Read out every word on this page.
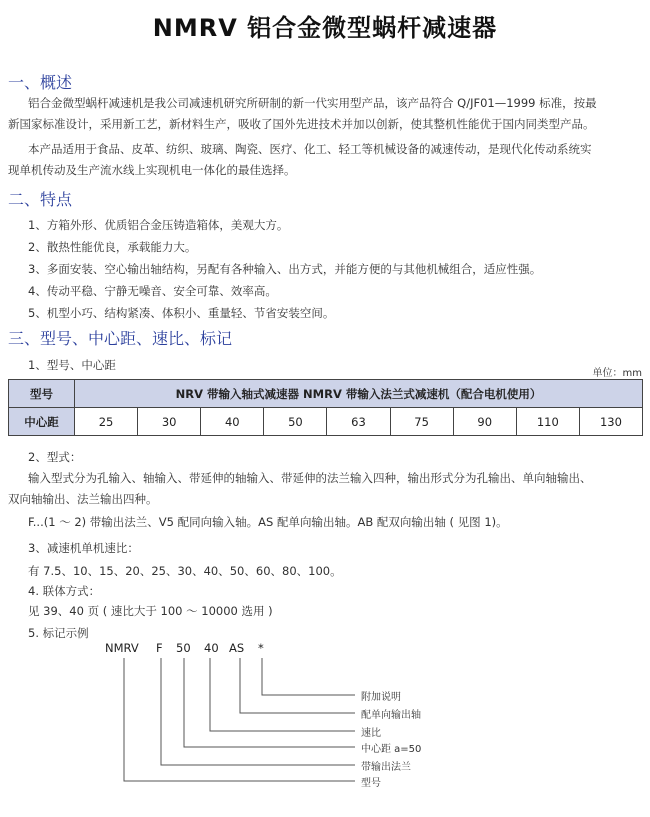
NMRV 铝合金微型蜗杆减速器
一、概述
铝合金微型蜗杆减速机是我公司减速机研究所研制的新一代实用型产品，该产品符合 Q/JF01—1999 标准，按最
新国家标准设计，采用新工艺，新材料生产，吸收了国外先进技术并加以创新，使其整机性能优于国内同类型产品。
本产品适用于食品、皮革、纺织、玻璃、陶瓷、医疗、化工、轻工等机械设备的减速传动，是现代化传动系统实
现单机传动及生产流水线上实现机电一体化的最佳选择。
二、特点
1、方箱外形、优质铝合金压铸造箱体，美观大方。
2、散热性能优良，承载能力大。
3、多面安装、空心输出轴结构，另配有各种输入、出方式，并能方便的与其他机械组合，适应性强。
4、传动平稳、宁静无噪音、安全可靠、效率高。
5、机型小巧、结构紧凑、体积小、重量轻、节省安装空间。
三、型号、中心距、速比、标记
1、型号、中心距
单位：mm
型号	NRV 带输入轴式减速器 NMRV 带输入法兰式减速机（配合电机使用）								
中心距	25	30	40	50	63	75	90	110	130
2、型式：
输入型式分为孔输入、轴输入、带延伸的轴输入、带延伸的法兰输入四种，输出形式分为孔输出、单向轴输出、
双向轴输出、法兰输出四种。
F...(1 ～ 2) 带输出法兰、V5 配同向输入轴。AS 配单向输出轴。AB 配双向输出轴 ( 见图 1)。
3、减速机单机速比：
有 7.5、10、15、20、25、30、40、50、60、80、100。
4. 联体方式：
见 39、40 页 ( 速比大于 100 ～ 10000 选用 )
5. 标记示例
NMRV F 50 40 AS *
附加说明
配单向输出轴
速比
中心距 a=50
带输出法兰
型号
